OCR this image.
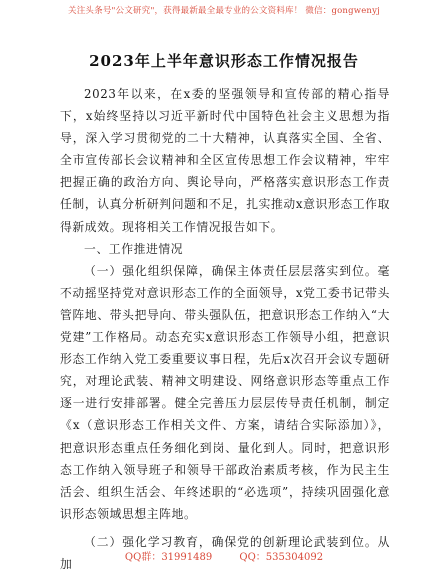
关注头条号"公文研究"，获得最新最全最专业的公文资料库！ 微信：gongwenyj
2023年上半年意识形态工作情况报告

2023年以来，在x委的坚强领导和宣传部的精心指导下，x始终坚持以习近平新时代中国特色社会主义思想为指导，深入学习贯彻党的二十大精神，认真落实全国、全省、全市宣传部长会议精神和全区宣传思想工作会议精神，牢牢把握正确的政治方向、舆论导向，严格落实意识形态工作责任制，认真分析研判问题和不足，扎实推动x意识形态工作取得新成效。现将相关工作情况报告如下。

一、工作推进情况

（一）强化组织保障，确保主体责任层层落实到位。毫不动摇坚持党对意识形态工作的全面领导，x党工委书记带头管阵地、带头把导向、带头强队伍，把意识形态工作纳入“大党建”工作格局。动态充实x意识形态工作领导小组，把意识形态工作纳入党工委重要议事日程，先后x次召开会议专题研究，对理论武装、精神文明建设、网络意识形态等重点工作逐一进行安排部署。健全完善压力层层传导责任机制，制定《x（意识形态工作相关文件、方案，请结合实际添加）》，把意识形态重点任务细化到岗、量化到人。同时，把意识形态工作纳入领导班子和领导干部政治素质考核，作为民主生活会、组织生活会、年终述职的“必选项”，持续巩固强化意识形态领域思想主阵地。

（二）强化学习教育，确保党的创新理论武装到位。从加	QQ群：31991489	QQ：535304092
